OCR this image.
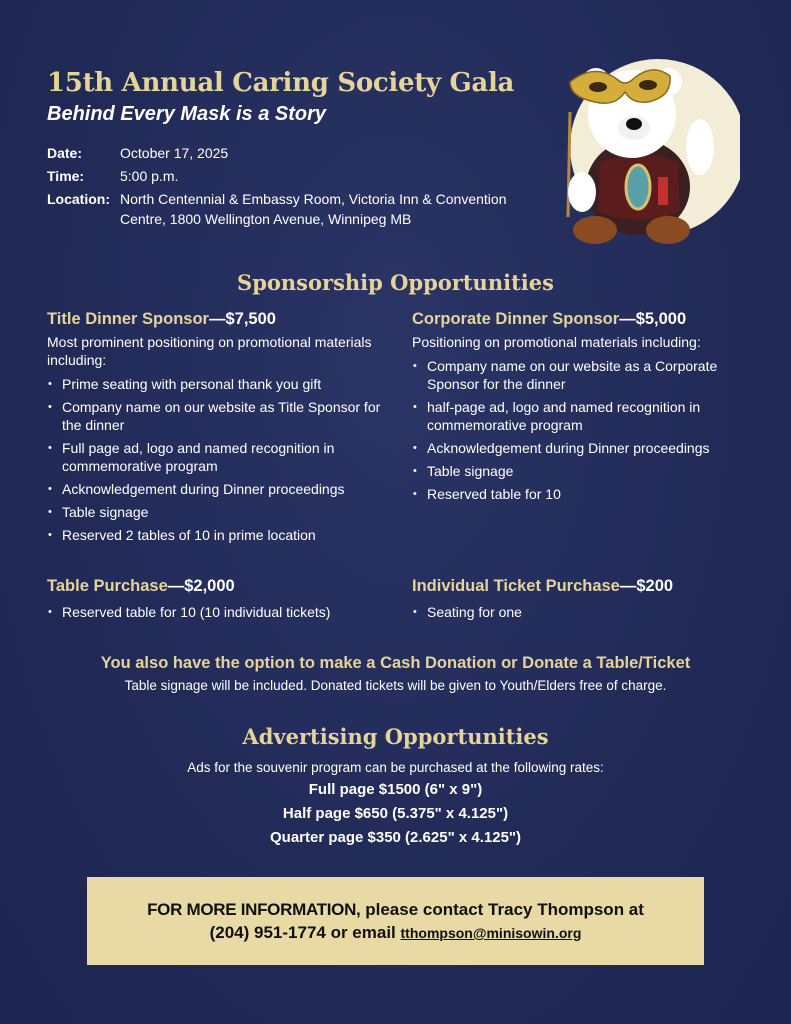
15th Annual Caring Society Gala
Behind Every Mask is a Story
Date:	October 17, 2025
Time:	5:00 p.m.
Location: North Centennial & Embassy Room, Victoria Inn & Convention Centre, 1800 Wellington Avenue, Winnipeg MB
Sponsorship Opportunities
Title Dinner Sponsor—$7,500
Most prominent positioning on promotional materials including:
• Prime seating with personal thank you gift
• Company name on our website as Title Sponsor for the dinner
• Full page ad, logo and named recognition in commemorative program
• Acknowledgement during Dinner proceedings
• Table signage
• Reserved 2 tables of 10 in prime location
Corporate Dinner Sponsor—$5,000
Positioning on promotional materials including:
• Company name on our website as a Corporate Sponsor for the dinner
• half-page ad, logo and named recognition in commemorative program
• Acknowledgement during Dinner proceedings
• Table signage
• Reserved table for 10
Table Purchase—$2,000
• Reserved table for 10 (10 individual tickets)
Individual Ticket Purchase—$200
• Seating for one
You also have the option to make a Cash Donation or Donate a Table/Ticket
Table signage will be included. Donated tickets will be given to Youth/Elders free of charge.
Advertising Opportunities
Ads for the souvenir program can be purchased at the following rates:
Full page $1500 (6" x 9")
Half page $650 (5.375" x 4.125")
Quarter page $350 (2.625" x 4.125")
FOR MORE INFORMATION, please contact Tracy Thompson at
(204) 951-1774 or email tthompson@minisowin.org
